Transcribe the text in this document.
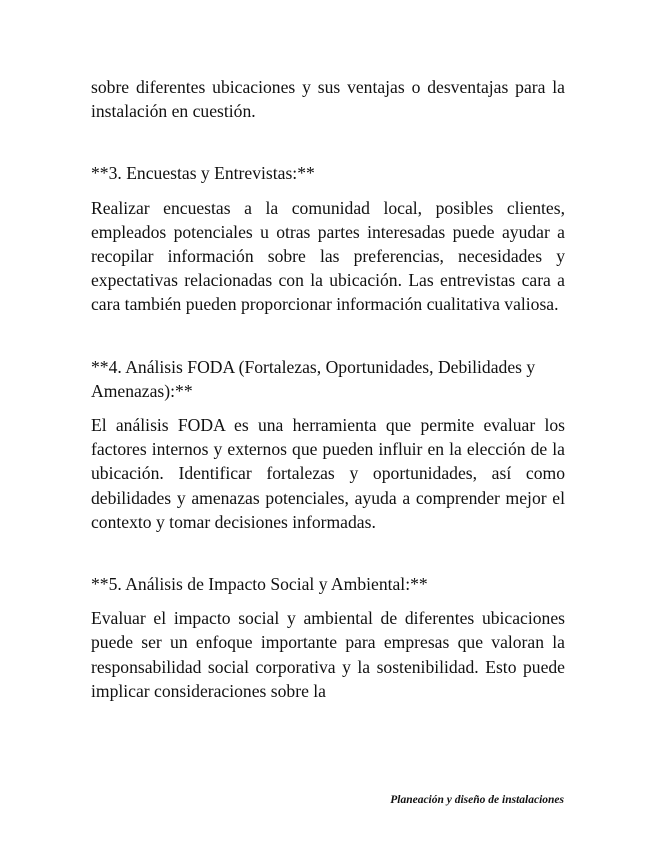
sobre diferentes ubicaciones y sus ventajas o desventajas para la instalación en cuestión.

**3. Encuestas y Entrevistas:**

Realizar encuestas a la comunidad local, posibles clientes, empleados potenciales u otras partes interesadas puede ayudar a recopilar información sobre las preferencias, necesidades y expectativas relacionadas con la ubicación. Las entrevistas cara a cara también pueden proporcionar información cualitativa valiosa.

**4. Análisis FODA (Fortalezas, Oportunidades, Debilidades y Amenazas):**

El análisis FODA es una herramienta que permite evaluar los factores internos y externos que pueden influir en la elección de la ubicación. Identificar fortalezas y oportunidades, así como debilidades y amenazas potenciales, ayuda a comprender mejor el contexto y tomar decisiones informadas.

**5. Análisis de Impacto Social y Ambiental:**

Evaluar el impacto social y ambiental de diferentes ubicaciones puede ser un enfoque importante para empresas que valoran la responsabilidad social corporativa y la sostenibilidad. Esto puede implicar consideraciones sobre la

Planeación y diseño de instalaciones
